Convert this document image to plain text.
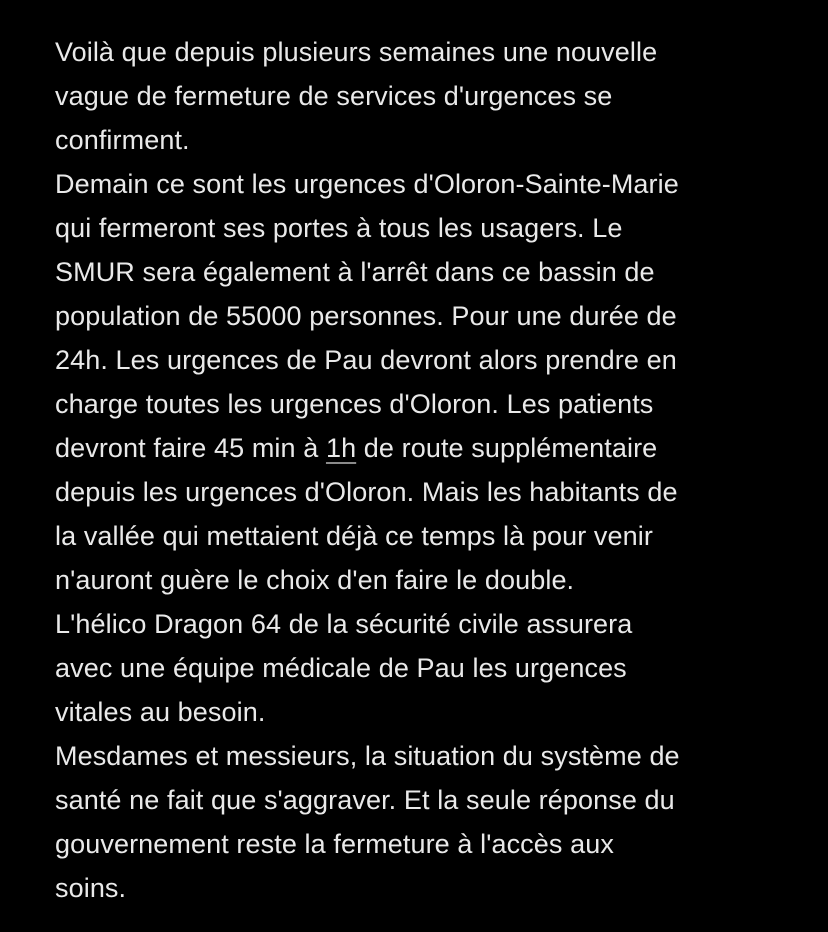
Voilà que depuis plusieurs semaines une nouvelle
vague de fermeture de services d'urgences se
confirment.
Demain ce sont les urgences d'Oloron-Sainte-Marie
qui fermeront ses portes à tous les usagers. Le
SMUR sera également à l'arrêt dans ce bassin de
population de 55000 personnes. Pour une durée de
24h. Les urgences de Pau devront alors prendre en
charge toutes les urgences d'Oloron. Les patients
devront faire 45 min à 1h de route supplémentaire
depuis les urgences d'Oloron. Mais les habitants de
la vallée qui mettaient déjà ce temps là pour venir
n'auront guère le choix d'en faire le double.
L'hélico Dragon 64 de la sécurité civile assurera
avec une équipe médicale de Pau les urgences
vitales au besoin.
Mesdames et messieurs, la situation du système de
santé ne fait que s'aggraver. Et la seule réponse du
gouvernement reste la fermeture à l'accès aux
soins.
